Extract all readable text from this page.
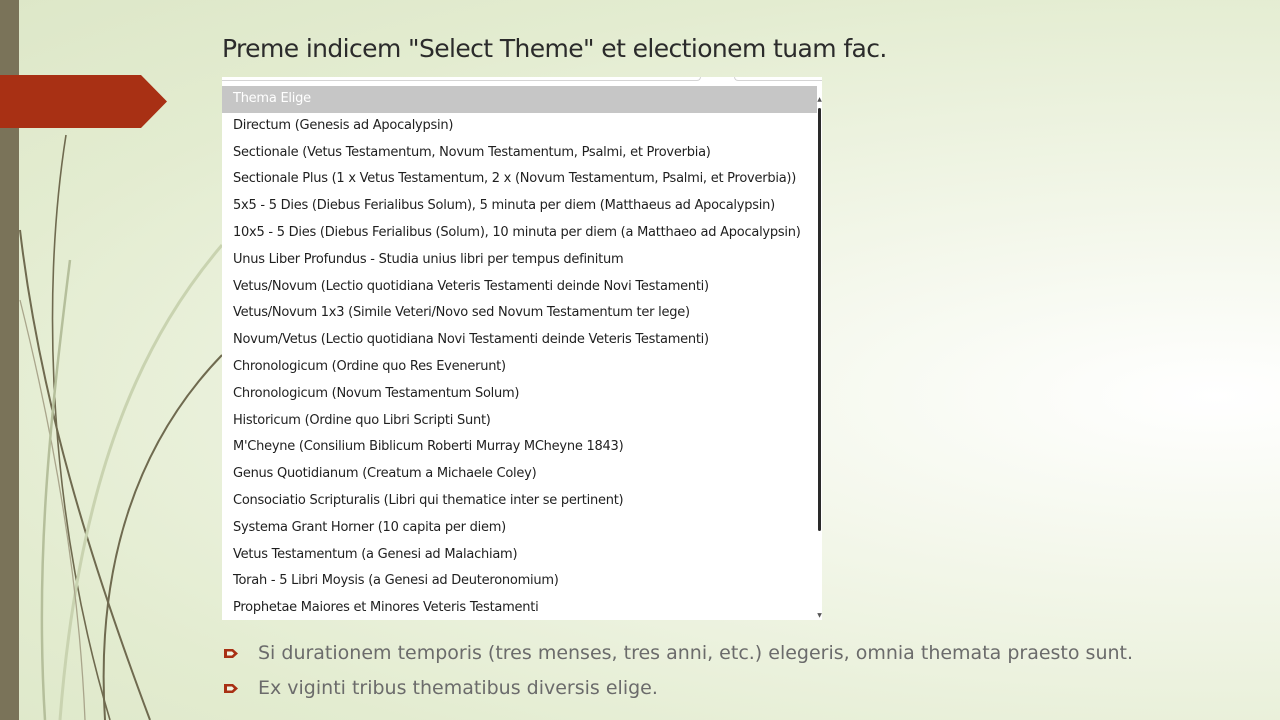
Preme indicem "Select Theme" et electionem tuam fac.
Thema Elige
Directum (Genesis ad Apocalypsin)
Sectionale (Vetus Testamentum, Novum Testamentum, Psalmi, et Proverbia)
Sectionale Plus (1 x Vetus Testamentum, 2 x (Novum Testamentum, Psalmi, et Proverbia))
5x5 - 5 Dies (Diebus Ferialibus Solum), 5 minuta per diem (Matthaeus ad Apocalypsin)
10x5 - 5 Dies (Diebus Ferialibus (Solum), 10 minuta per diem (a Matthaeo ad Apocalypsin)
Unus Liber Profundus - Studia unius libri per tempus definitum
Vetus/Novum (Lectio quotidiana Veteris Testamenti deinde Novi Testamenti)
Vetus/Novum 1x3 (Simile Veteri/Novo sed Novum Testamentum ter lege)
Novum/Vetus (Lectio quotidiana Novi Testamenti deinde Veteris Testamenti)
Chronologicum (Ordine quo Res Evenerunt)
Chronologicum (Novum Testamentum Solum)
Historicum (Ordine quo Libri Scripti Sunt)
M'Cheyne (Consilium Biblicum Roberti Murray MCheyne 1843)
Genus Quotidianum (Creatum a Michaele Coley)
Consociatio Scripturalis (Libri qui thematice inter se pertinent)
Systema Grant Horner (10 capita per diem)
Vetus Testamentum (a Genesi ad Malachiam)
Torah - 5 Libri Moysis (a Genesi ad Deuteronomium)
Prophetae Maiores et Minores Veteris Testamenti
▲
▼
Si durationem temporis (tres menses, tres anni, etc.) elegeris, omnia themata praesto sunt.
Ex viginti tribus thematibus diversis elige.
